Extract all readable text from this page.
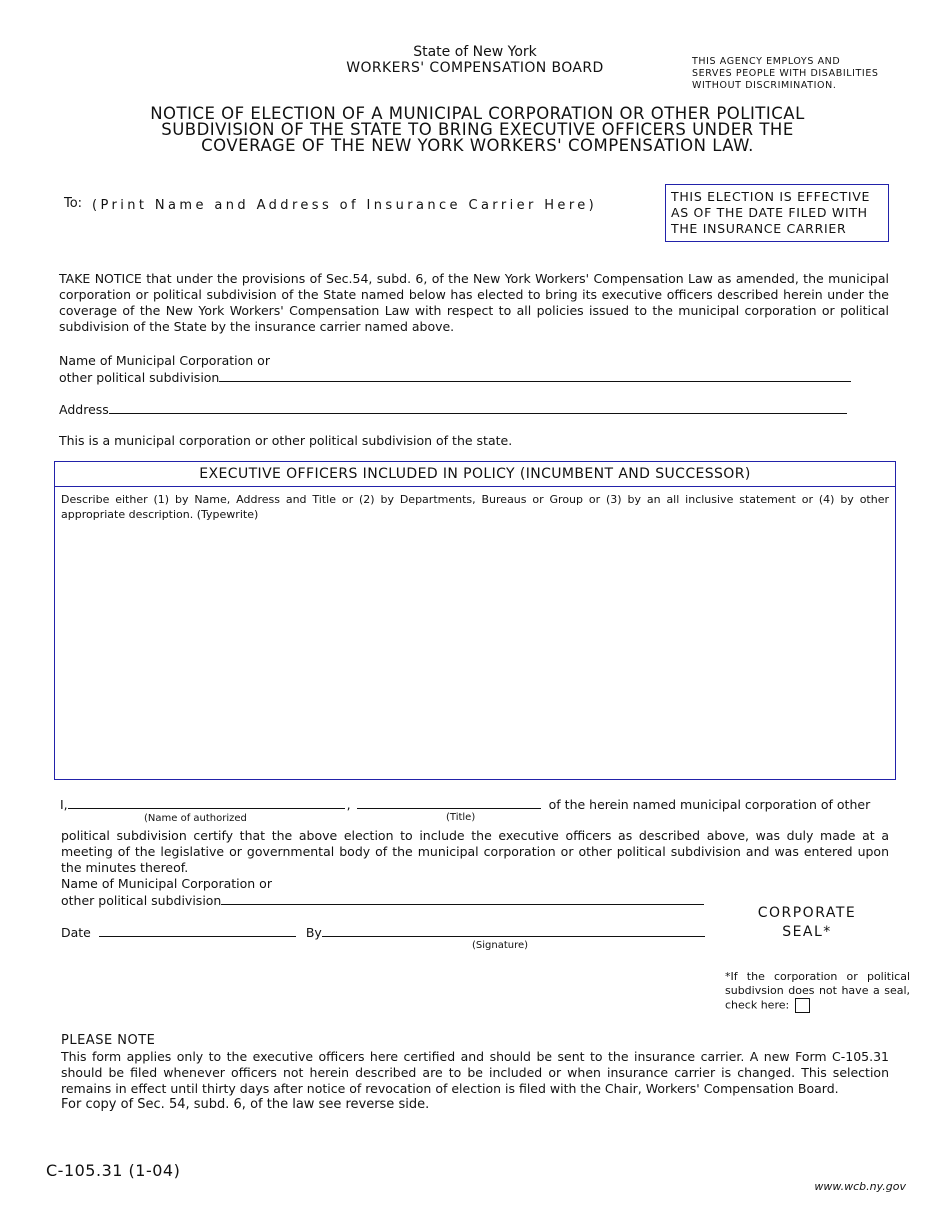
State of New York
WORKERS' COMPENSATION BOARD	THIS AGENCY EMPLOYS AND
SERVES PEOPLE WITH DISABILITIES
WITHOUT DISCRIMINATION.
NOTICE OF ELECTION OF A MUNICIPAL CORPORATION OR OTHER POLITICAL
SUBDIVISION OF THE STATE TO BRING EXECUTIVE OFFICERS UNDER THE
COVERAGE OF THE NEW YORK WORKERS' COMPENSATION LAW.
To: (Print Name and Address of Insurance Carrier Here)
THIS ELECTION IS EFFECTIVE
AS OF THE DATE FILED WITH
THE INSURANCE CARRIER
TAKE NOTICE that under the provisions of Sec.54, subd. 6, of the New York Workers' Compensation Law as amended, the municipal corporation or political subdivision of the State named below has elected to bring its executive officers described herein under the coverage of the New York Workers' Compensation Law with respect to all policies issued to the municipal corporation or political subdivision of the State by the insurance carrier named above.
Name of Municipal Corporation or
other political subdivision
Address
This is a municipal corporation or other political subdivision of the state.
EXECUTIVE OFFICERS INCLUDED IN POLICY (INCUMBENT AND SUCCESSOR)
Describe either (1) by Name, Address and Title or (2) by Departments, Bureaus or Group or (3) by an all inclusive statement or (4) by other appropriate description. (Typewrite)
I,	,	of the herein named municipal corporation of other
(Name of authorized	(Title)
political subdivision certify that the above election to include the executive officers as described above, was duly made at a meeting of the legislative or governmental body of the municipal corporation or other political subdivision and was entered upon the minutes thereof.
Name of Municipal Corporation or
other political subdivision
Date	By
(Signature)
CORPORATE
SEAL*
*If the corporation or political subdivsion does not have a seal, check here:
PLEASE NOTE
This form applies only to the executive officers here certified and should be sent to the insurance carrier. A new Form C-105.31 should be filed whenever officers not herein described are to be included or when insurance carrier is changed. This selection remains in effect until thirty days after notice of revocation of election is filed with the Chair, Workers' Compensation Board.
For copy of Sec. 54, subd. 6, of the law see reverse side.
C-105.31 (1-04)
www.wcb.ny.gov
